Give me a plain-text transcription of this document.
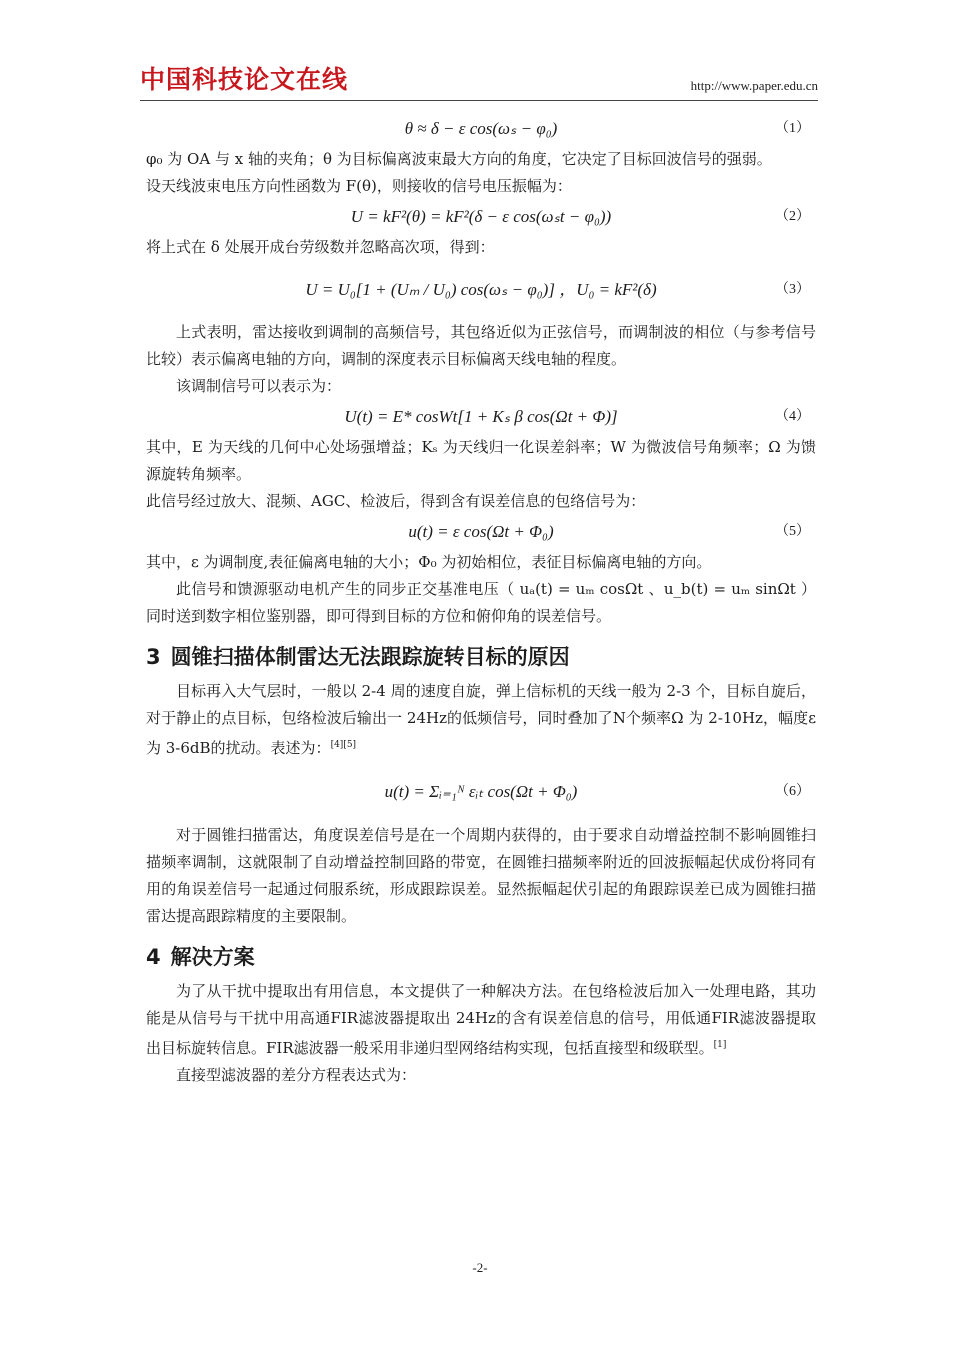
中国科技论文在线	http://www.paper.edu.cn
θ ≈ δ − ε cos(ωₛ − φ₀)	（1）

φ₀ 为 OA 与 x 轴的夹角；θ 为目标偏离波束最大方向的角度，它决定了目标回波信号的强弱。

设天线波束电压方向性函数为 F(θ)，则接收的信号电压振幅为：

U = kF²(θ) = kF²(δ − ε cos(ωₛt − φ₀))	（2）

将上式在 δ 处展开成台劳级数并忽略高次项，得到：

U = U₀[1 + (Uₘ / U₀) cos(ωₛ − φ₀)] ，U₀ = kF²(δ)	（3）

上式表明，雷达接收到调制的高频信号，其包络近似为正弦信号，而调制波的相位（与参考信号比较）表示偏离电轴的方向，调制的深度表示目标偏离天线电轴的程度。

该调制信号可以表示为：

U(t) = E* cosWt[1 + Kₛ β cos(Ωt + Φ)]	（4）

其中，E 为天线的几何中心处场强增益；Kₛ 为天线归一化误差斜率；W 为微波信号角频率；Ω 为馈源旋转角频率。

此信号经过放大、混频、AGC、检波后，得到含有误差信息的包络信号为：

u(t) = ε cos(Ωt + Φ₀)	（5）

其中，ε 为调制度,表征偏离电轴的大小；Φ₀ 为初始相位，表征目标偏离电轴的方向。

此信号和馈源驱动电机产生的同步正交基准电压（ uₐ(t) = uₘ cosΩt 、u_b(t) = uₘ sinΩt ）同时送到数字相位鉴别器，即可得到目标的方位和俯仰角的误差信号。

3 圆锥扫描体制雷达无法跟踪旋转目标的原因

目标再入大气层时，一般以 2-4 周的速度自旋，弹上信标机的天线一般为 2-3 个，目标自旋后，对于静止的点目标，包络检波后输出一 24Hz的低频信号，同时叠加了N个频率Ω 为 2-10Hz，幅度ε 为 3-6dB的扰动。表述为：[4][5]

u(t) = Σᵢ₌₁ᴺ εᵢₜ cos(Ωt + Φ₀)	（6）

对于圆锥扫描雷达，角度误差信号是在一个周期内获得的，由于要求自动增益控制不影响圆锥扫描频率调制，这就限制了自动增益控制回路的带宽，在圆锥扫描频率附近的回波振幅起伏成份将同有用的角误差信号一起通过伺服系统，形成跟踪误差。显然振幅起伏引起的角跟踪误差已成为圆锥扫描雷达提高跟踪精度的主要限制。

4 解决方案

为了从干扰中提取出有用信息，本文提供了一种解决方法。在包络检波后加入一处理电路，其功能是从信号与干扰中用高通FIR滤波器提取出 24Hz的含有误差信息的信号，用低通FIR滤波器提取出目标旋转信息。FIR滤波器一般采用非递归型网络结构实现，包括直接型和级联型。[1]

直接型滤波器的差分方程表达式为：

-2-
